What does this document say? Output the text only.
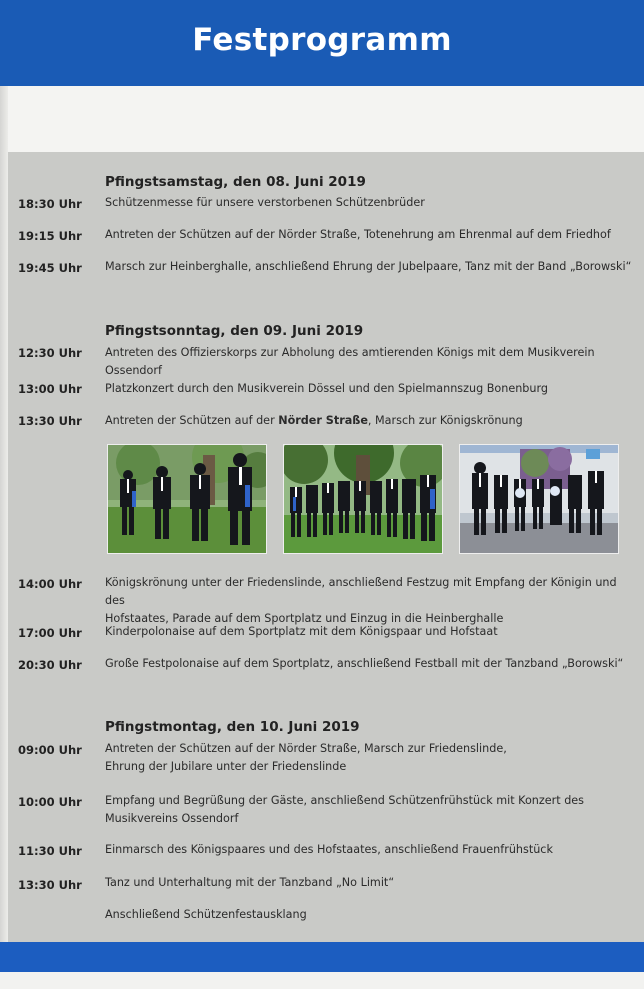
Festprogramm
Pfingstsamstag, den 08. Juni 2019
18:30 Uhr	Schützenmesse für unsere verstorbenen Schützenbrüder
19:15 Uhr	Antreten der Schützen auf der Nörder Straße, Totenehrung am Ehrenmal auf dem Friedhof
19:45 Uhr	Marsch zur Heinberghalle, anschließend Ehrung der Jubelpaare, Tanz mit der Band „Borowski“
Pfingstsonntag, den 09. Juni 2019
12:30 Uhr	Antreten des Offizierskorps zur Abholung des amtierenden Königs mit dem Musikverein Ossendorf
13:00 Uhr	Platzkonzert durch den Musikverein Dössel und den Spielmannszug Bonenburg
13:30 Uhr	Antreten der Schützen auf der Nörder Straße, Marsch zur Königskrönung
14:00 Uhr	Königskrönung unter der Friedenslinde, anschließend Festzug mit Empfang der Königin und des
Hofstaates, Parade auf dem Sportplatz und Einzug in die Heinberghalle
17:00 Uhr	Kinderpolonaise auf dem Sportplatz mit dem Königspaar und Hofstaat
20:30 Uhr	Große Festpolonaise auf dem Sportplatz, anschließend Festball mit der Tanzband „Borowski“
Pfingstmontag, den 10. Juni 2019
09:00 Uhr	Antreten der Schützen auf der Nörder Straße, Marsch zur Friedenslinde,
Ehrung der Jubilare unter der Friedenslinde
10:00 Uhr	Empfang und Begrüßung der Gäste, anschließend Schützenfrühstück mit Konzert des
Musikvereins Ossendorf
11:30 Uhr	Einmarsch des Königspaares und des Hofstaates, anschließend Frauenfrühstück
13:30 Uhr	Tanz und Unterhaltung mit der Tanzband „No Limit“
Anschließend Schützenfestausklang
